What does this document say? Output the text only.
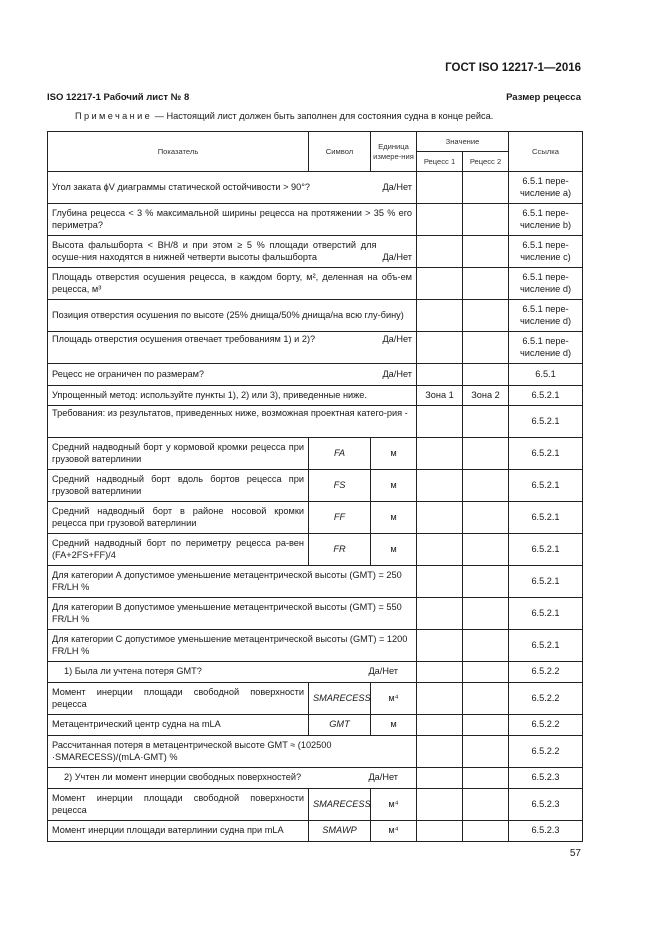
ГОСТ ISO 12217-1—2016
ISO 12217-1 Рабочий лист № 8	Размер рецесса
Примечание — Настоящий лист должен быть заполнен для состояния судна в конце рейса.
Показатель	Символ	Единица измере-ния	Значение		Ссылка
			Рецесс 1	Рецесс 2	

Угол заката ϕV диаграммы статической остойчивости > 90°? Да/Нет					6.5.1 пере-числение а)
Глубина рецесса < 3 % максимальной ширины рецесса на протяжении > 35 % его периметра?					6.5.1 пере-числение b)

Высота фальшборта < BH/8 и при этом ≥ 5 % площади отверстий для осуше-ния находятся в нижней четверти высоты фальшборта Да/Нет					6.5.1 пере-числение с)
Площадь отверстия осушения рецесса, в каждом борту, м², деленная на объ-ем рецесса, м³					6.5.1 пере-числение d)
Позиция отверстия осушения по высоте (25% днища/50% днища/на всю глу-бину)					6.5.1 пере-числение d)

Площадь отверстия осушения отвечает требованиям 1) и 2)? Да/Нет					6.5.1 пере-числение d)

Рецесс не ограничен по размерам? Да/Нет					6.5.1
Упрощенный метод: используйте пункты 1), 2) или 3), приведенные ниже.			Зона 1	Зона 2	6.5.2.1
Требования: из результатов, приведенных ниже, возможная проектная катего-рия -					6.5.2.1
Средний надводный борт у кормовой кромки рецесса при грузовой ватерлинии	FA	м			6.5.2.1
Средний надводный борт вдоль бортов рецесса при грузовой ватерлинии	FS	м			6.5.2.1
Средний надводный борт в районе носовой кромки рецесса при грузовой ватерлинии	FF	м			6.5.2.1
Средний надводный борт по периметру рецесса ра-вен (FA+2FS+FF)/4	FR	м			6.5.2.1
Для категории А допустимое уменьшение метацентрической высоты (GMT) = 250 FR/LH %					6.5.2.1
Для категории В допустимое уменьшение метацентрической высоты (GMT) = 550 FR/LH %					6.5.2.1
Для категории С допустимое уменьшение метацентрической высоты (GMT) = 1200 FR/LH %					6.5.2.1

1) Была ли учтена потеря GMT? Да/Нет					6.5.2.2
Момент инерции площади свободной поверхности рецесса	SMARECESS	м⁴			6.5.2.2
Метацентрический центр судна на mLA	GMT	м			6.5.2.2
Рассчитанная потеря в метацентрической высоте GMT ≈ (102500 ·SMARECESS)/(mLA·GMT) %					6.5.2.2

2) Учтен ли момент инерции свободных поверхностей? Да/Нет					6.5.2.3
Момент инерции площади свободной поверхности рецесса	SMARECESS	м⁴			6.5.2.3
Момент инерции площади ватерлинии судна при mLA	SMAWP	м⁴			6.5.2.3
57
